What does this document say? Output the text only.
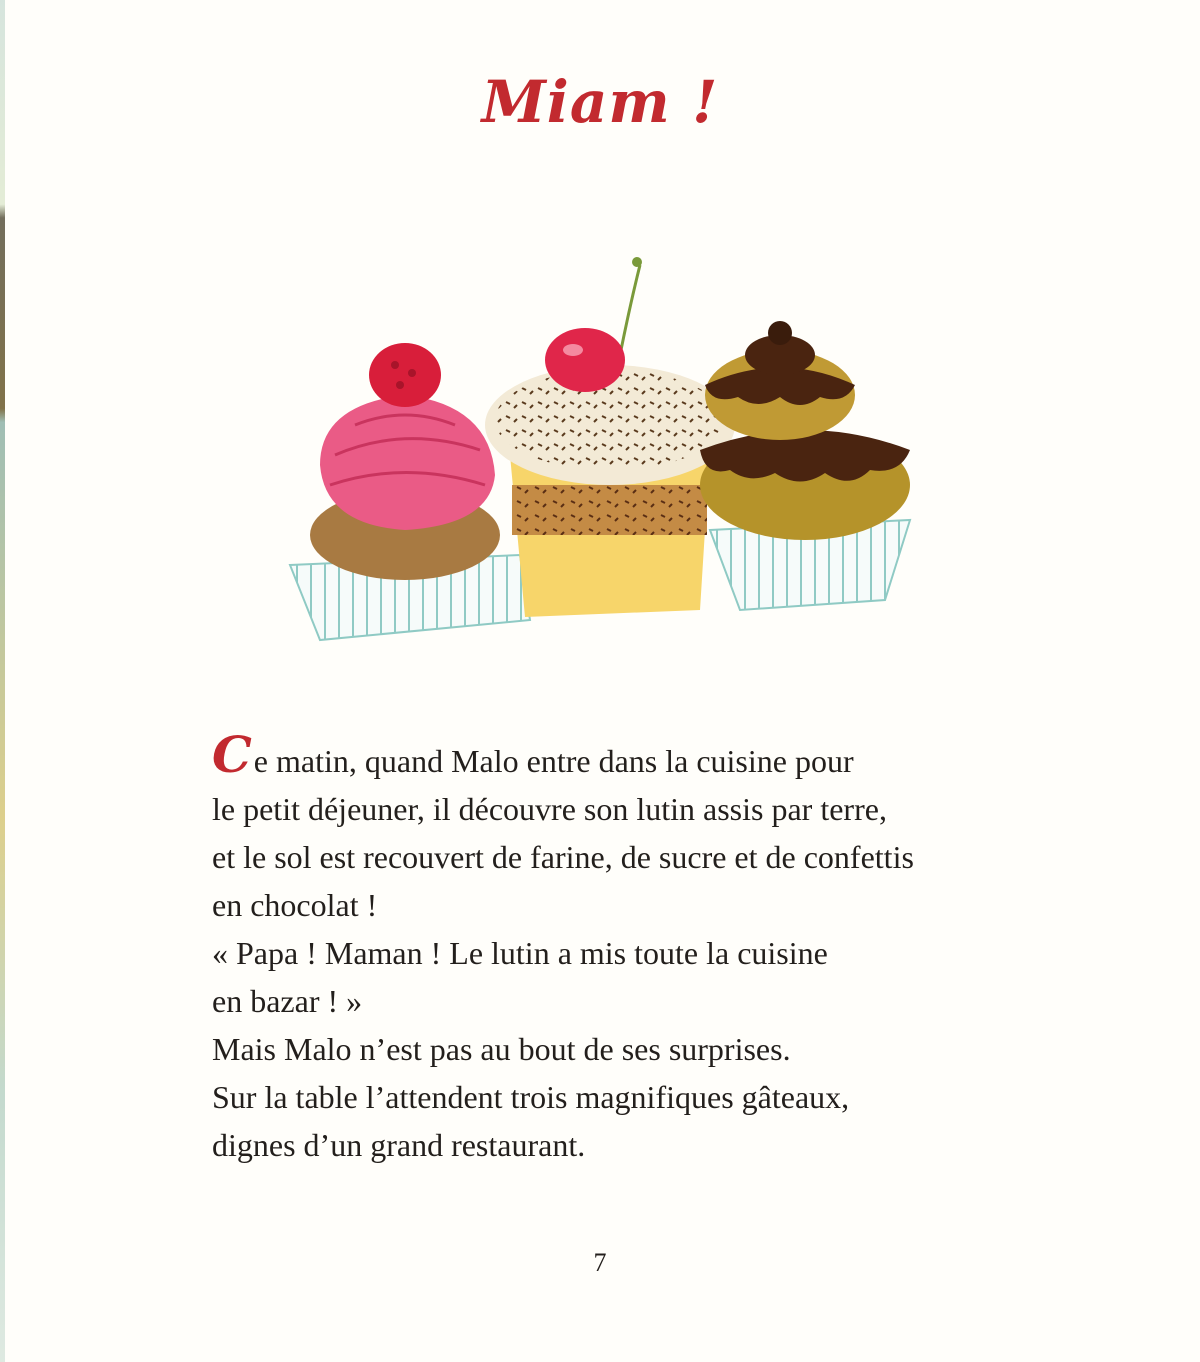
Miam !

Ce matin, quand Malo entre dans la cuisine pour
le petit déjeuner, il découvre son lutin assis par terre,
et le sol est recouvert de farine, de sucre et de confettis
en chocolat !
« Papa ! Maman ! Le lutin a mis toute la cuisine
en bazar ! »
Mais Malo n’est pas au bout de ses surprises.
Sur la table l’attendent trois magnifiques gâteaux,
dignes d’un grand restaurant.

7
